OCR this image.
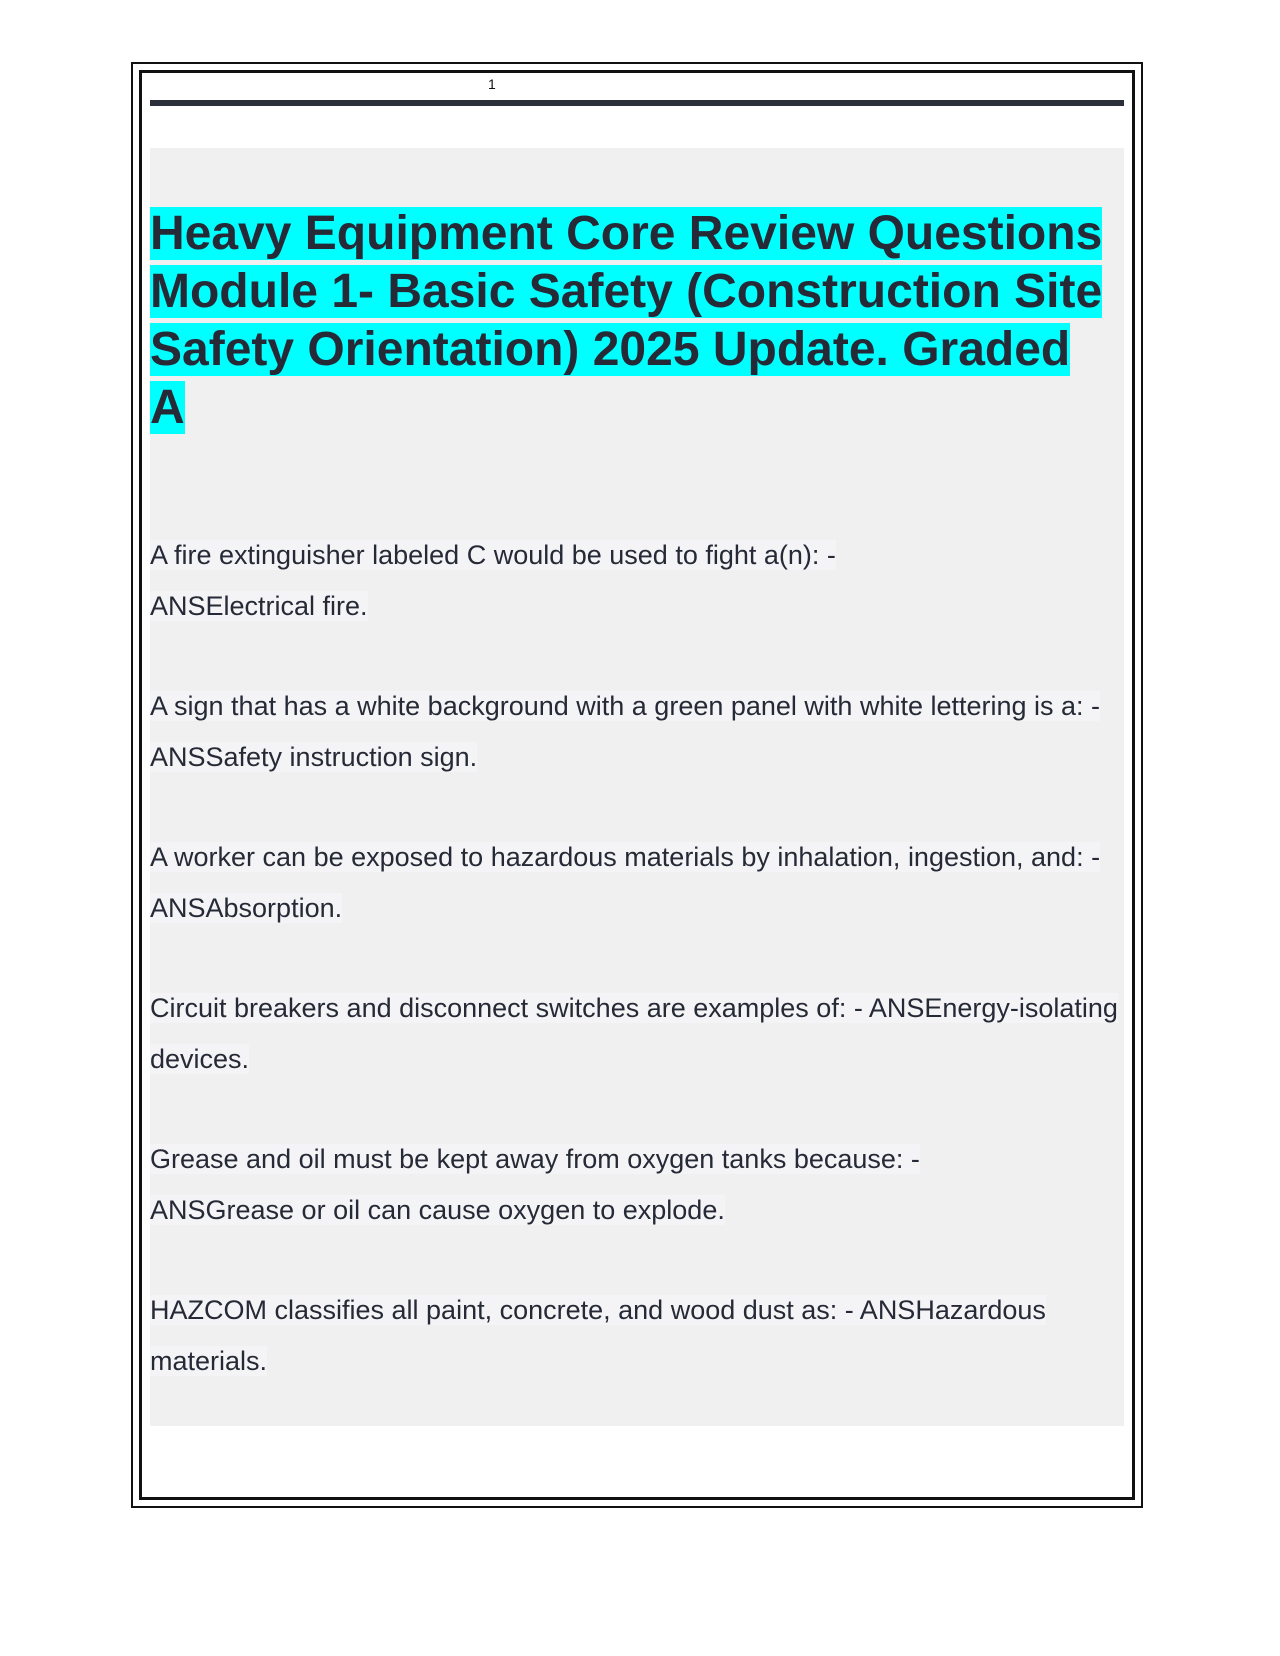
1
Heavy Equipment Core Review Questions Module 1- Basic Safety (Construction Site Safety Orientation) 2025 Update. Graded A

A fire extinguisher labeled C would be used to fight a(n): - ANSElectrical fire.

A sign that has a white background with a green panel with white lettering is a: - ANSSafety instruction sign.

A worker can be exposed to hazardous materials by inhalation, ingestion, and: - ANSAbsorption.

Circuit breakers and disconnect switches are examples of: - ANSEnergy-isolating devices.

Grease and oil must be kept away from oxygen tanks because: - ANSGrease or oil can cause oxygen to explode.

HAZCOM classifies all paint, concrete, and wood dust as: - ANSHazardous materials.
